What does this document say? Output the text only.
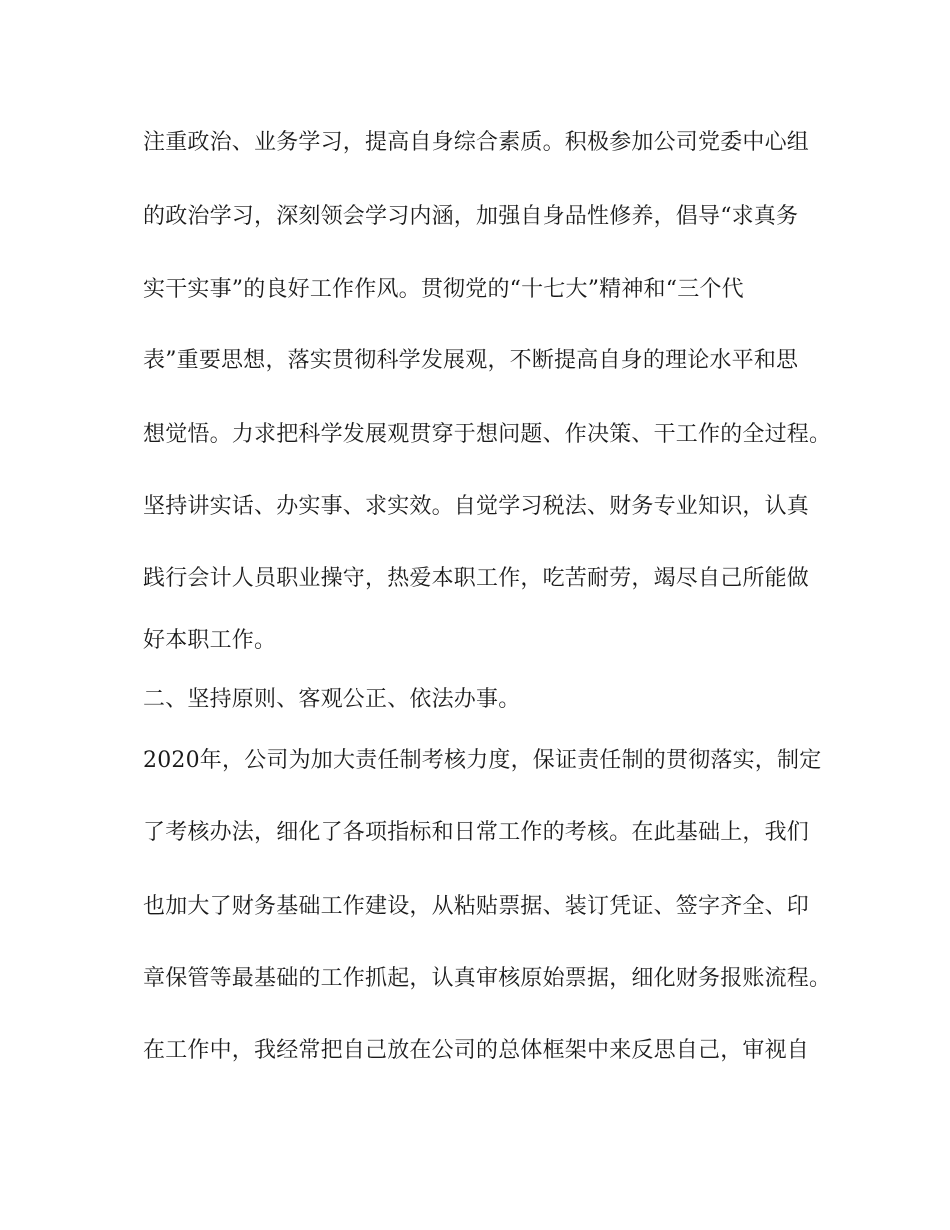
注重政治、业务学习，提高自身综合素质。积极参加公司党委中心组
的政治学习，深刻领会学习内涵，加强自身品性修养，倡导“求真务
实干实事”的良好工作作风。贯彻党的“十七大”精神和“三个代
表”重要思想，落实贯彻科学发展观，不断提高自身的理论水平和思
想觉悟。力求把科学发展观贯穿于想问题、作决策、干工作的全过程。
坚持讲实话、办实事、求实效。自觉学习税法、财务专业知识，认真
践行会计人员职业操守，热爱本职工作，吃苦耐劳，竭尽自己所能做
好本职工作。
二、坚持原则、客观公正、依法办事。
2020年，公司为加大责任制考核力度，保证责任制的贯彻落实，制定
了考核办法，细化了各项指标和日常工作的考核。在此基础上，我们
也加大了财务基础工作建设，从粘贴票据、装订凭证、签字齐全、印
章保管等最基础的工作抓起，认真审核原始票据，细化财务报账流程。
在工作中，我经常把自己放在公司的总体框架中来反思自己，审视自
